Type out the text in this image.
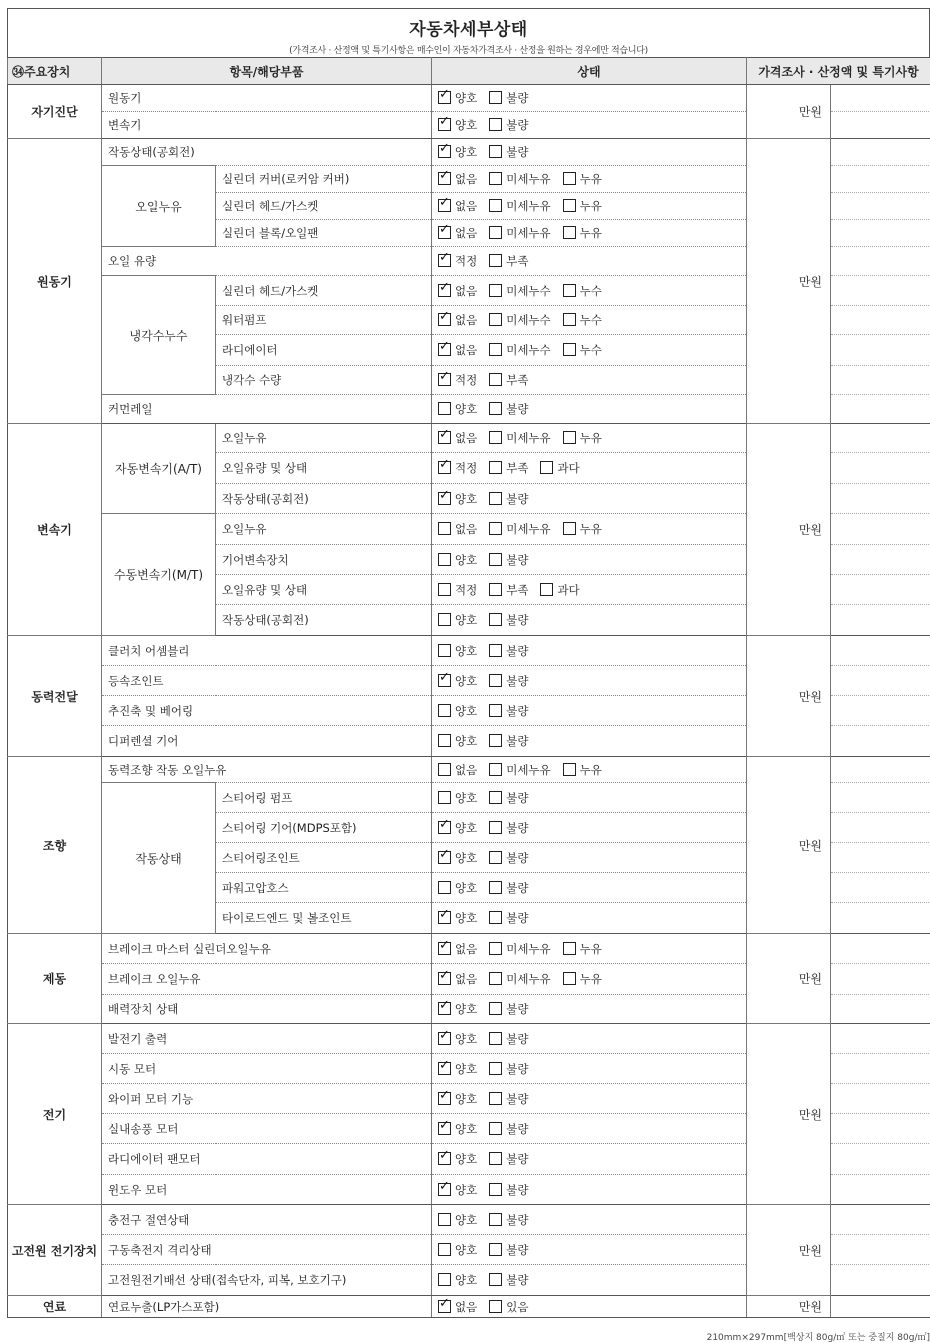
자동차세부상태
(가격조사 · 산정액 및 특기사항은 매수인이 자동차가격조사 · 산정을 원하는 경우에만 적습니다)
㉞주요장치	항목/해당부품		상태	가격조사 · 산정액 및 특기사항	
자기진단	원동기	✓양호 불량	만원	
	변속기	✓양호 불량	
원동기	작동상태(공회전)	✓양호 불량	만원	
	오일누유	실린더 커버(로커암 커버)	✓없음 미세누유 누유	
		실린더 헤드/가스켓	✓없음 미세누유 누유	
		실린더 블록/오일팬	✓없음 미세누유 누유	
	오일 유량	✓적정 부족	
	냉각수누수	실린더 헤드/가스켓	✓없음 미세누수 누수	
		워터펌프	✓없음 미세누수 누수	
		라디에이터	✓없음 미세누수 누수	
		냉각수 수량	✓적정 부족	
	커먼레일		양호 불량		
변속기	자동변속기(A/T)	오일누유	✓없음 미세누유 누유	만원	
		오일유량 및 상태	✓적정 부족 과다	
		작동상태(공회전)	✓양호 불량	
	수동변속기(M/T)	오일누유	없음 미세누유 누유		
		기어변속장치	양호 불량		
		오일유량 및 상태	적정 부족 과다		
		작동상태(공회전)	양호 불량		
동력전달	클러치 어셈블리		양호 불량	만원	
	등속조인트	✓양호 불량	
	추진축 및 베어링		양호 불량		
	디퍼렌셜 기어		양호 불량		
조향	동력조향 작동 오일누유		없음 미세누유 누유	만원	
	작동상태	스티어링 펌프	양호 불량		
		스티어링 기어(MDPS포함)	✓양호 불량	
		스티어링조인트	✓양호 불량	
		파워고압호스	양호 불량		
		타이로드엔드 및 볼조인트	✓양호 불량	
제동	브레이크 마스터 실린더오일누유	✓없음 미세누유 누유	만원	
	브레이크 오일누유	✓없음 미세누유 누유	
	배력장치 상태	✓양호 불량	
전기	발전기 출력	✓양호 불량	만원	
	시동 모터	✓양호 불량	
	와이퍼 모터 기능	✓양호 불량	
	실내송풍 모터	✓양호 불량	
	라디에이터 팬모터	✓양호 불량	
	윈도우 모터	✓양호 불량	
고전원 전기장치	충전구 절연상태		양호 불량	만원	
	구동축전지 격리상태		양호 불량		
	고전원전기배선 상태(접속단자, 피복, 보호기구)		양호 불량		
연료	연료누출(LP가스포함)	✓없음 있음	만원	
210mm×297mm[백상지 80g/㎡ 또는 중질지 80g/㎡]
